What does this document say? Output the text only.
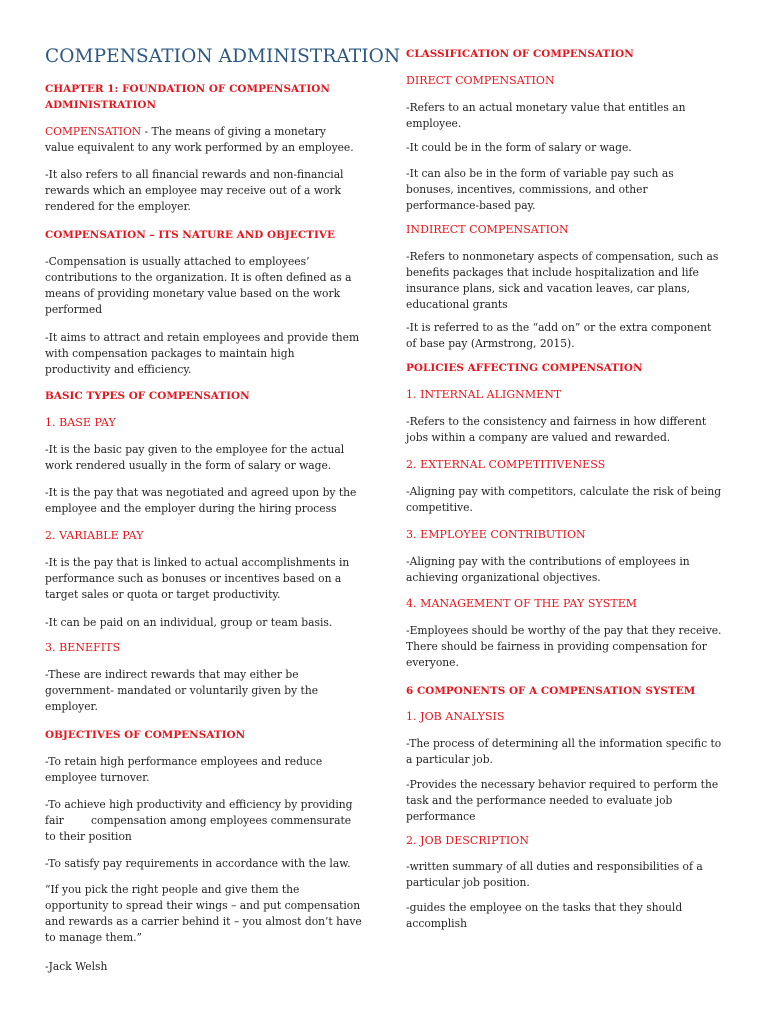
COMPENSATION ADMINISTRATION
CHAPTER 1: FOUNDATION OF COMPENSATION ADMINISTRATION
COMPENSATION - The means of giving a monetary value equivalent to any work performed by an employee.
-It also refers to all financial rewards and non-financial rewards which an employee may receive out of a work rendered for the employer.
COMPENSATION – ITS NATURE AND OBJECTIVE
-Compensation is usually attached to employees’ contributions to the organization. It is often defined as a means of providing monetary value based on the work performed
-It aims to attract and retain employees and provide them with compensation packages to maintain high productivity and efficiency.
BASIC TYPES OF COMPENSATION
1. BASE PAY
-It is the basic pay given to the employee for the actual work rendered usually in the form of salary or wage.
-It is the pay that was negotiated and agreed upon by the employee and the employer during the hiring process
2. VARIABLE PAY
-It is the pay that is linked to actual accomplishments in performance such as bonuses or incentives based on a target sales or quota or target productivity.
-It can be paid on an individual, group or team basis.
3. BENEFITS
-These are indirect rewards that may either be government- mandated or voluntarily given by the employer.
OBJECTIVES OF COMPENSATION
-To retain high performance employees and reduce employee turnover.
-To achieve high productivity and efficiency by providing fair        compensation among employees commensurate to their position
-To satisfy pay requirements in accordance with the law.
“If you pick the right people and give them the opportunity to spread their wings – and put compensation and rewards as a carrier behind it – you almost don’t have to manage them.”
-Jack Welsh
CLASSIFICATION OF COMPENSATION
DIRECT COMPENSATION
-Refers to an actual monetary value that entitles an employee.
-It could be in the form of salary or wage.
-It can also be in the form of variable pay such as bonuses, incentives, commissions, and other performance-based pay.
INDIRECT COMPENSATION
-Refers to nonmonetary aspects of compensation, such as benefits packages that include hospitalization and life insurance plans, sick and vacation leaves, car plans, educational grants
-It is referred to as the “add on” or the extra component of base pay (Armstrong, 2015).
POLICIES AFFECTING COMPENSATION
1. INTERNAL ALIGNMENT
-Refers to the consistency and fairness in how different jobs within a company are valued and rewarded.
2. EXTERNAL COMPETITIVENESS
-Aligning pay with competitors, calculate the risk of being competitive.
3. EMPLOYEE CONTRIBUTION
-Aligning pay with the contributions of employees in achieving organizational objectives.
4. MANAGEMENT OF THE PAY SYSTEM
-Employees should be worthy of the pay that they receive. There should be fairness in providing compensation for everyone.
6 COMPONENTS OF A COMPENSATION SYSTEM
1. JOB ANALYSIS
-The process of determining all the information specific to a particular job.
-Provides the necessary behavior required to perform the task and the performance needed to evaluate job performance
2. JOB DESCRIPTION
-written summary of all duties and responsibilities of a particular job position.
-guides the employee on the tasks that they should accomplish
